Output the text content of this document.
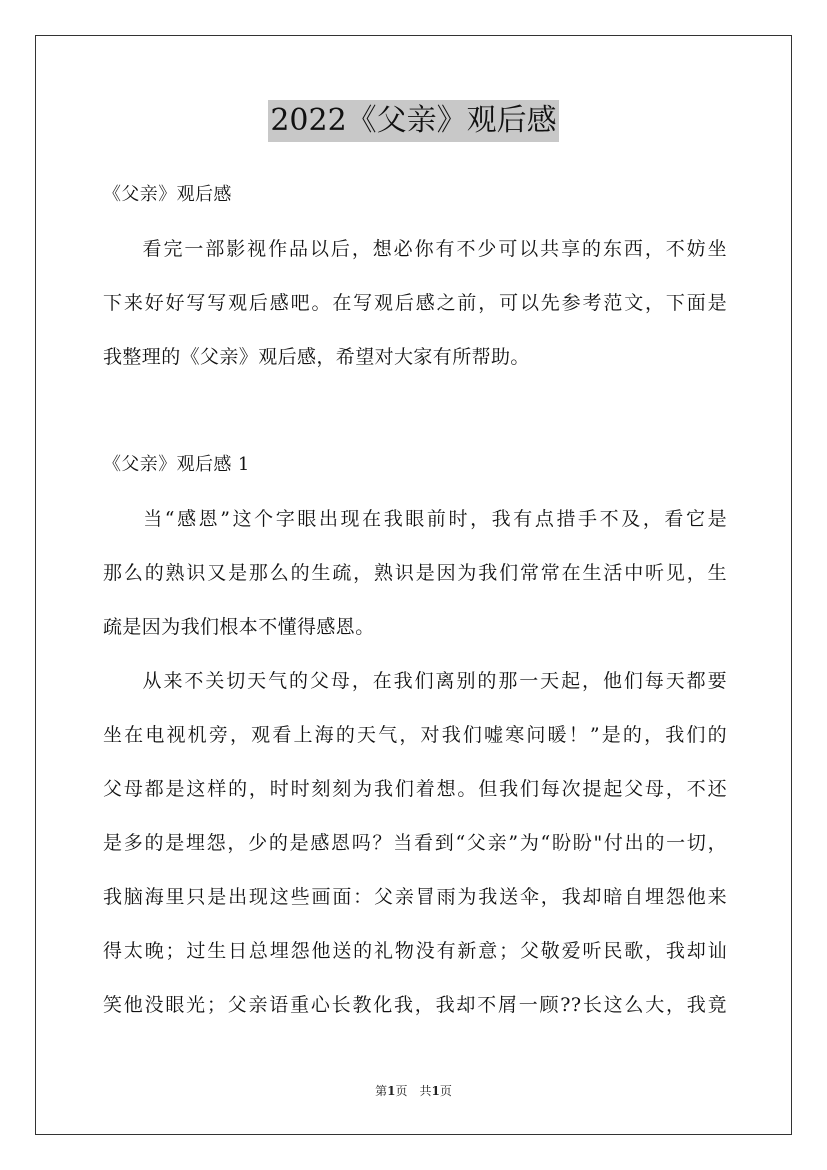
2022《父亲》观后感
《父亲》观后感
看完一部影视作品以后，想必你有不少可以共享的东西，不妨坐
下来好好写写观后感吧。在写观后感之前，可以先参考范文，下面是
我整理的《父亲》观后感，希望对大家有所帮助。
《父亲》观后感 1
当“感恩”这个字眼出现在我眼前时，我有点措手不及，看它是
那么的熟识又是那么的生疏，熟识是因为我们常常在生活中听见，生
疏是因为我们根本不懂得感恩。
从来不关切天气的父母，在我们离别的那一天起，他们每天都要
坐在电视机旁，观看上海的天气，对我们嘘寒问暖！”是的，我们的
父母都是这样的，时时刻刻为我们着想。但我们每次提起父母，不还
是多的是埋怨，少的是感恩吗？当看到“父亲”为“盼盼"付出的一切，
我脑海里只是出现这些画面：父亲冒雨为我送伞，我却暗自埋怨他来
得太晚；过生日总埋怨他送的礼物没有新意；父敬爱听民歌，我却讪
笑他没眼光；父亲语重心长教化我，我却不屑一顾??长这么大，我竟
第1页　共1页
